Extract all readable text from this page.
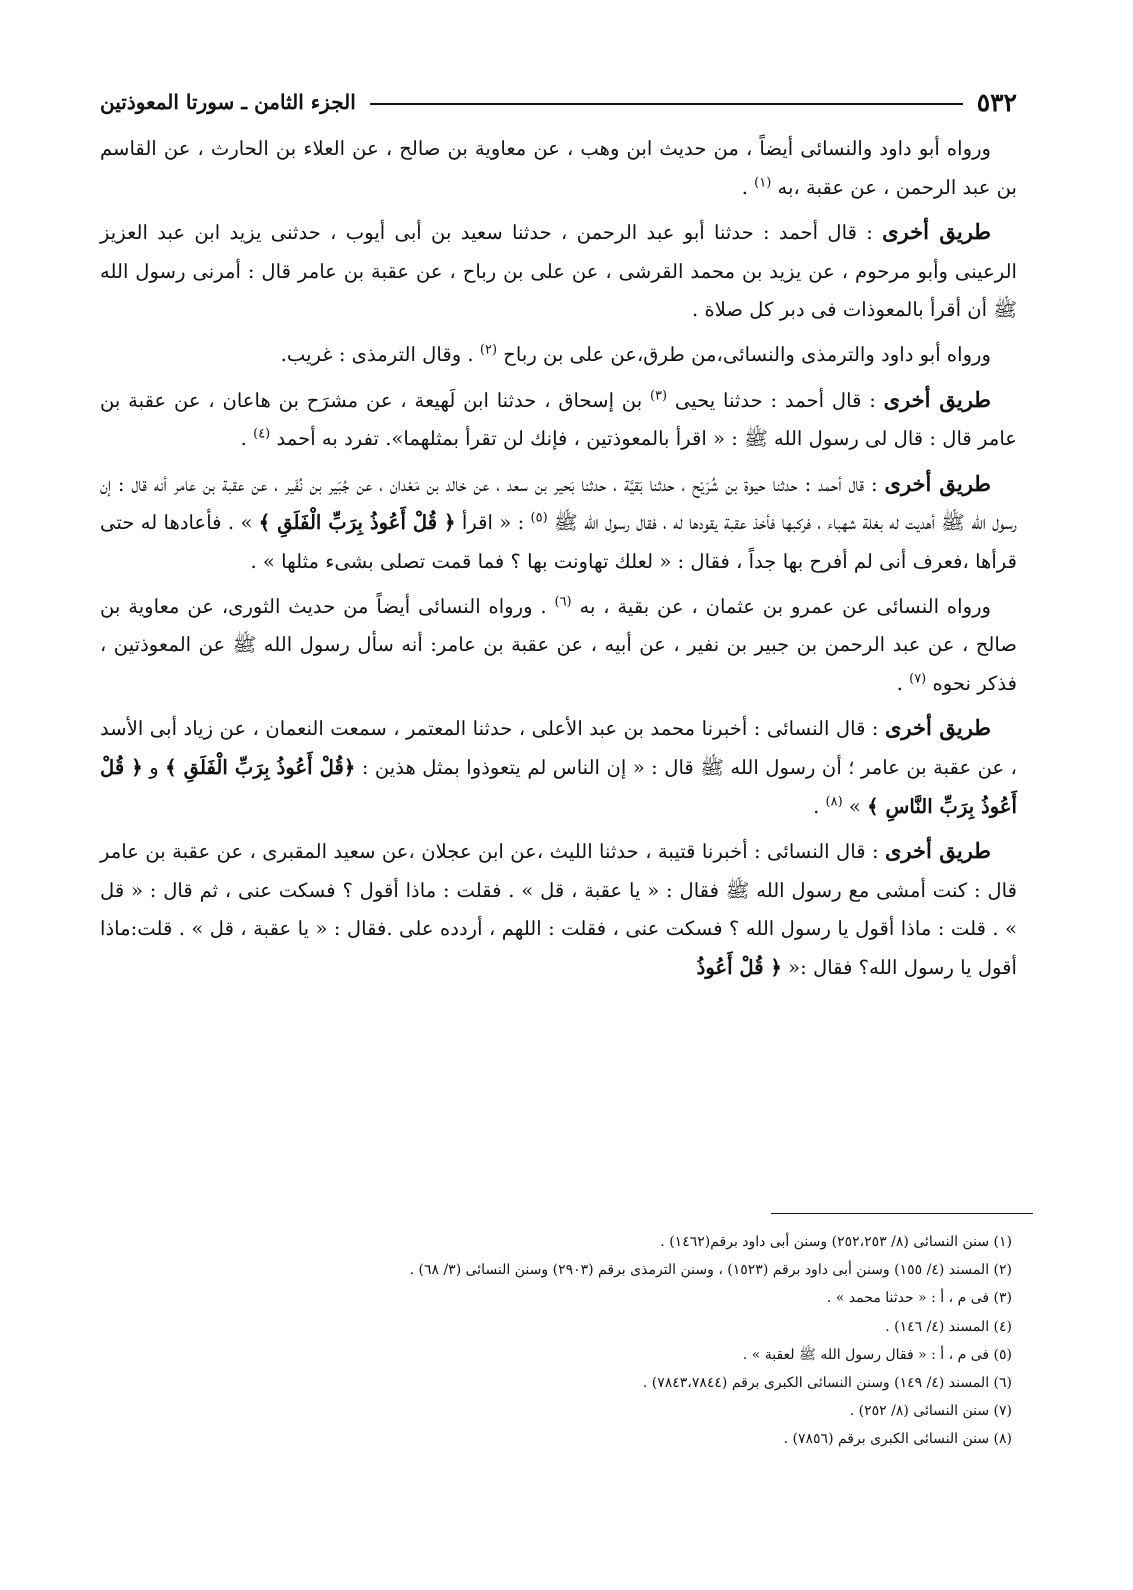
٥٣٢
الجزء الثامن ـ سورتا المعوذتين

ورواه أبو داود والنسائى أيضاً ، من حديث ابن وهب ، عن معاوية بن صالح ، عن العلاء بن الحارث ، عن القاسم بن عبد الرحمن ، عن عقبة ،به $^{(١)}$ .

طريق أخرى : قال أحمد : حدثنا أبو عبد الرحمن ، حدثنا سعيد بن أبى أيوب ، حدثنى يزيد ابن عبد العزيز الرعينى وأبو مرحوم ، عن يزيد بن محمد القرشى ، عن على بن رباح ، عن عقبة بن عامر قال : أمرنى رسول الله ﷺ أن أقرأ بالمعوذات فى دبر كل صلاة .

ورواه أبو داود والترمذى والنسائى،من طرق،عن على بن رباح $^{(٢)}$ . وقال الترمذى : غريب.

طريق أخرى : قال أحمد : حدثنا يحيى $^{(٣)}$ بن إسحاق ، حدثنا ابن لَهيعة ، عن مشرَح بن هاعان ، عن عقبة بن عامر قال : قال لى رسول الله ﷺ : « اقرأ بالمعوذتين ، فإنك لن تقرأ بمثلهما». تفرد به أحمد $^{(٤)}$ .

طريق أخرى : قال أحمد : حدثنا حيوة بن شُرَيْح ، حدثنا بَقيَّة ، حدثنا بَحير بن سعد ، عن خالد بن مَعْدان ، عن جُبَير بن نُفَير ، عن عقبة بن عامر أنه قال : إن رسول الله ﷺ أهديت له بغلة شهباء ، فركبها فأخذ عقبة يقودها له ، فقال رسول الله ﷺ $^{(٥)}$ : « اقرأ ﴿ قُلْ أَعُوذُ بِرَبِّ الْفَلَقِ ﴾ » . فأعادها له حتى قرأها ،فعرف أنى لم أفرح بها جداً ، فقال : « لعلك تهاونت بها ؟ فما قمت تصلى بشىء مثلها » .

ورواه النسائى عن عمرو بن عثمان ، عن بقية ، به $^{(٦)}$ . ورواه النسائى أيضاً من حديث الثورى، عن معاوية بن صالح ، عن عبد الرحمن بن جبير بن نفير ، عن أبيه ، عن عقبة بن عامر: أنه سأل رسول الله ﷺ عن المعوذتين ، فذكر نحوه $^{(٧)}$ .

طريق أخرى : قال النسائى : أخبرنا محمد بن عبد الأعلى ، حدثنا المعتمر ، سمعت النعمان ، عن زياد أبى الأسد ، عن عقبة بن عامر ؛ أن رسول الله ﷺ قال : « إن الناس لم يتعوذوا بمثل هذين : ﴿قُلْ أَعُوذُ بِرَبِّ الْفَلَقِ ﴾ و ﴿ قُلْ أَعُوذُ بِرَبِّ النَّاسِ ﴾ » $^{(٨)}$ .

طريق أخرى : قال النسائى : أخبرنا قتيبة ، حدثنا الليث ،عن ابن عجلان ،عن سعيد المقبرى ، عن عقبة بن عامر قال : كنت أمشى مع رسول الله ﷺ فقال : « يا عقبة ، قل » . فقلت : ماذا أقول ؟ فسكت عنى ، ثم قال : « قل » . قلت : ماذا أقول يا رسول الله ؟ فسكت عنى ، فقلت : اللهم ، أردده على .فقال : « يا عقبة ، قل » . قلت:ماذا أقول يا رسول الله؟ فقال :« ﴿ قُلْ أَعُوذُ

(١) سنن النسائى (٨/ ٢٥٢،٢٥٣) وسنن أبى داود برقم(١٤٦٢) .

(٢) المسند (٤/ ١٥٥) وسنن أبى داود برقم (١٥٢٣) ، وسنن الترمذى برقم (٢٩٠٣) وسنن النسائى (٣/ ٦٨) .

(٣) فى م ، أ : « حدثنا محمد » .

(٤) المسند (٤/ ١٤٦) .

(٥) فى م ، أ : « فقال رسول الله ﷺ لعقبة » .

(٦) المسند (٤/ ١٤٩) وسنن النسائى الكبرى برقم (٧٨٤٣،٧٨٤٤) .

(٧) سنن النسائى (٨/ ٢٥٢) .

(٨) سنن النسائى الكبرى برقم (٧٨٥٦) .
